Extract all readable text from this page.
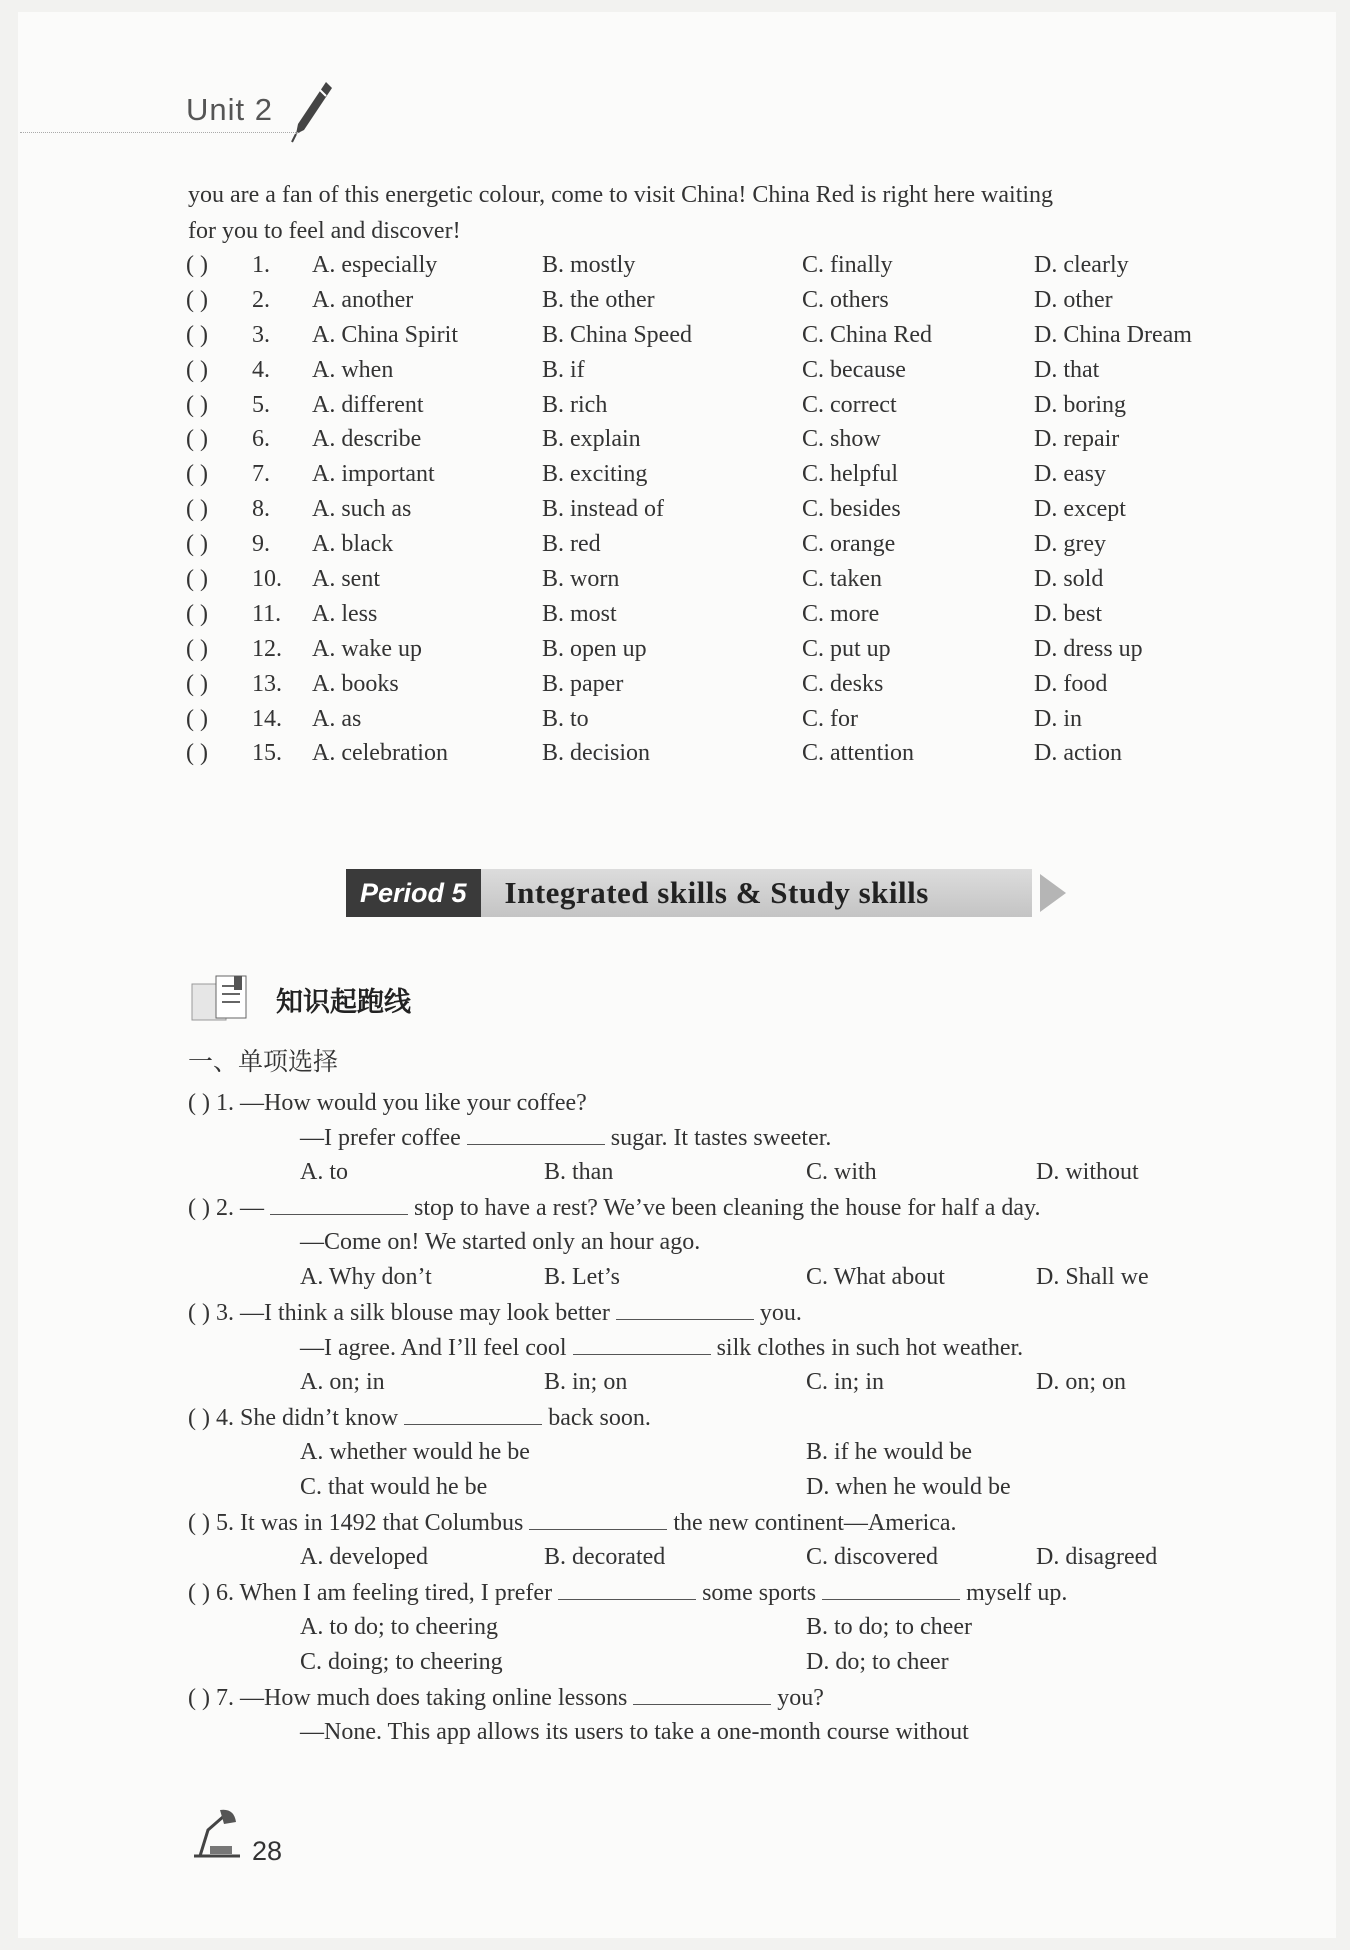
Unit 2
you are a fan of this energetic colour, come to visit China! China Red is right here waiting
for you to feel and discover!
( ) 1. A. especially	B. mostly	C. finally	D. clearly
( ) 2. A. another	B. the other	C. others	D. other
( ) 3. A. China Spirit	B. China Speed	C. China Red	D. China Dream
( ) 4. A. when	B. if	C. because	D. that
( ) 5. A. different	B. rich	C. correct	D. boring
( ) 6. A. describe	B. explain	C. show	D. repair
( ) 7. A. important	B. exciting	C. helpful	D. easy
( ) 8. A. such as	B. instead of	C. besides	D. except
( ) 9. A. black	B. red	C. orange	D. grey
( ) 10. A. sent	B. worn	C. taken	D. sold
( ) 11. A. less	B. most	C. more	D. best
( ) 12. A. wake up	B. open up	C. put up	D. dress up
( ) 13. A. books	B. paper	C. desks	D. food
( ) 14. A. as	B. to	C. for	D. in
( ) 15. A. celebration	B. decision	C. attention	D. action
Period 5	Integrated skills & Study skills
知识起跑线
一、单项选择
( ) 1. —How would you like your coffee?
—I prefer coffee	sugar. It tastes sweeter.
A. to	B. than	C. with	D. without
( ) 2. —	stop to have a rest? We’ve been cleaning the house for half a day.
—Come on! We started only an hour ago.
A. Why don’t	B. Let’s	C. What about	D. Shall we
( ) 3. —I think a silk blouse may look better	you.
—I agree. And I’ll feel cool	silk clothes in such hot weather.
A. on; in	B. in; on	C. in; in	D. on; on
( ) 4. She didn’t know	back soon.
A. whether would he be	B. if he would be
C. that would he be	D. when he would be
( ) 5. It was in 1492 that Columbus	the new continent—America.
A. developed	B. decorated	C. discovered	D. disagreed
( ) 6. When I am feeling tired, I prefer	some sports	myself up.
A. to do; to cheering	B. to do; to cheer
C. doing; to cheering	D. do; to cheer
( ) 7. —How much does taking online lessons	you?
—None. This app allows its users to take a one-month course without
28
